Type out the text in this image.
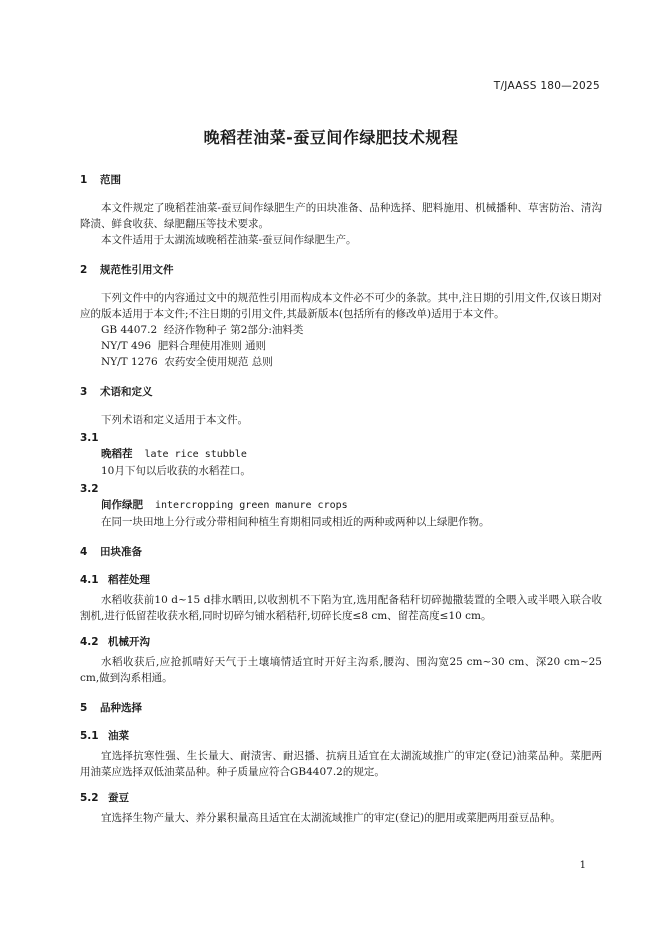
T/JAASS 180—2025
晚稻茬油菜-蚕豆间作绿肥技术规程
1 范围

本文件规定了晚稻茬油菜-蚕豆间作绿肥生产的田块准备、品种选择、肥料施用、机械播种、草害防治、清沟降渍、鲜食收获、绿肥翻压等技术要求。

本文件适用于太湖流域晚稻茬油菜-蚕豆间作绿肥生产。

2 规范性引用文件

下列文件中的内容通过文中的规范性引用而构成本文件必不可少的条款。其中,注日期的引用文件,仅该日期对应的版本适用于本文件;不注日期的引用文件,其最新版本(包括所有的修改单)适用于本文件。

GB 4407.2  经济作物种子 第2部分:油料类
NY/T 496  肥料合理使用准则 通则
NY/T 1276  农药安全使用规范 总则
3 术语和定义

下列术语和定义适用于本文件。

3.1
晚稻茬 late rice stubble

10月下旬以后收获的水稻茬口。

3.2
间作绿肥 intercropping green manure crops

在同一块田地上分行或分带相间种植生育期相同或相近的两种或两种以上绿肥作物。

4 田块准备
4.1 稻茬处理

水稻收获前10 d~15 d排水晒田,以收割机不下陷为宜,选用配备秸秆切碎抛撒装置的全喂入或半喂入联合收割机,进行低留茬收获水稻,同时切碎匀铺水稻秸秆,切碎长度≤8 cm、留茬高度≤10 cm。

4.2 机械开沟

水稻收获后,应抢抓晴好天气于土壤墒情适宜时开好主沟系,腰沟、围沟宽25 cm~30 cm、深20 cm~25 cm,做到沟系相通。

5 品种选择
5.1 油菜

宜选择抗寒性强、生长量大、耐渍害、耐迟播、抗病且适宜在太湖流域推广的审定(登记)油菜品种。菜肥两用油菜应选择双低油菜品种。种子质量应符合GB4407.2的规定。

5.2 蚕豆

宜选择生物产量大、养分累积量高且适宜在太湖流域推广的审定(登记)的肥用或菜肥两用蚕豆品种。

1
